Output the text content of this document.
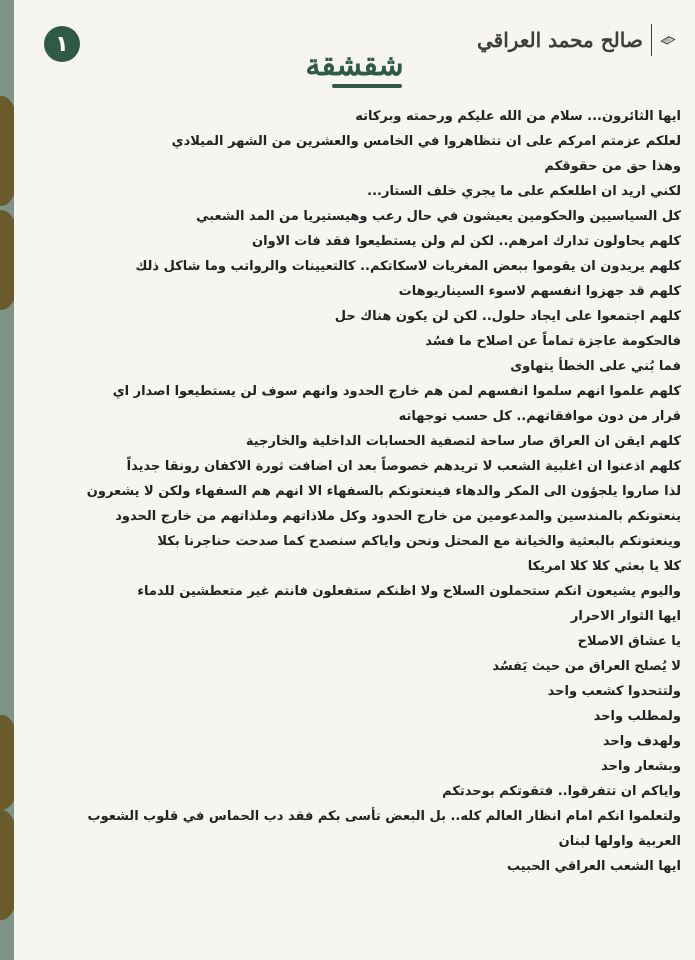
١	صالح محمد العراقي
شقشقة
ايها الثائرون... سلام من الله عليكم ورحمته وبركاته
لعلكم عزمتم امركم على ان تتظاهروا في الخامس والعشرين من الشهر الميلادي
وهذا حق من حقوقكم
لكني اريد ان اطلعكم على ما يجري خلف الستار...
كل السياسيين والحكومين يعيشون في حال رعب وهيستيريا من المد الشعبي
كلهم يحاولون تدارك امرهم.. لكن لم ولن يستطيعوا فقد فات الاوان
كلهم يريدون ان يقوموا ببعض المغريات لاسكاتكم.. كالتعيينات والرواتب وما شاكل ذلك
كلهم قد جهزوا انفسهم لاسوء السيناريوهات
كلهم اجتمعوا على ايجاد حلول.. لكن لن يكون هناك حل
فالحكومة عاجزة تماماً عن اصلاح ما فسُد
فما بُني على الخطأ يتهاوى
كلهم علموا انهم سلموا انفسهم لمن هم خارج الحدود وانهم سوف لن يستطيعوا اصدار اي
قرار من دون موافقاتهم.. كل حسب توجهاته
كلهم ايقن ان العراق صار ساحة لتصفية الحسابات الداخلية والخارجية
كلهم اذعنوا ان اغلبية الشعب لا تريدهم خصوصاً بعد ان اضافت ثورة الاكفان رونقا جديداً
لذا صاروا يلجؤون الى المكر والدهاء فينعتونكم بالسفهاء الا انهم هم السفهاء ولكن لا يشعرون
ينعتونكم بالمندسين والمدعومين من خارج الحدود وكل ملاذاتهم وملذاتهم من خارج الحدود
وينعتونكم بالبعثية والخيانة مع المحتل ونحن واياكم سنصدح كما صدحت حناجرنا بكلا
كلا يا بعثي كلا كلا امريكا
واليوم يشيعون انكم ستحملون السلاح ولا اظنكم ستفعلون فانتم غير متعطشين للدماء
ايها الثوار الاحرار
يا عشاق الاصلاح
لا يُصلح العراق من حيث يَفسُد
ولتتحدوا كشعب واحد
ولمطلب واحد
ولهدف واحد
وبشعار واحد
واياكم ان تتفرقوا.. فتقوتكم بوحدتكم
ولتعلموا انكم امام انظار العالم كله.. بل البعض تأسى بكم فقد دب الحماس في قلوب الشعوب
العربية واولها لبنان
ايها الشعب العراقي الحبيب
